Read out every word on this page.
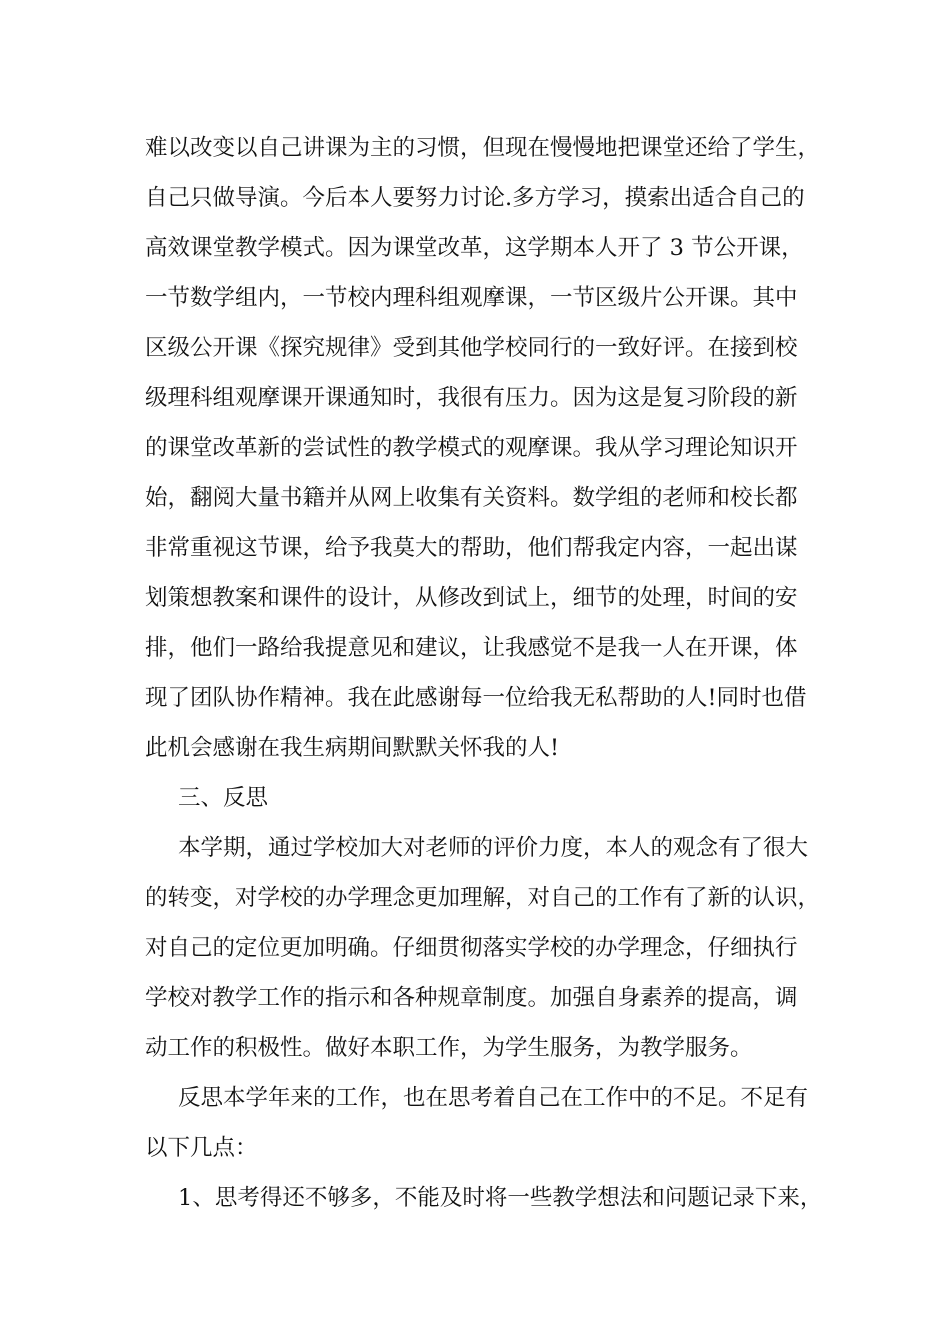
难以改变以自己讲课为主的习惯，但现在慢慢地把课堂还给了学生，
自己只做导演。今后本人要努力讨论.多方学习，摸索出适合自己的
高效课堂教学模式。因为课堂改革，这学期本人开了 3 节公开课，
一节数学组内，一节校内理科组观摩课，一节区级片公开课。其中
区级公开课《探究规律》受到其他学校同行的一致好评。在接到校
级理科组观摩课开课通知时，我很有压力。因为这是复习阶段的新
的课堂改革新的尝试性的教学模式的观摩课。我从学习理论知识开
始，翻阅大量书籍并从网上收集有关资料。数学组的老师和校长都
非常重视这节课，给予我莫大的帮助，他们帮我定内容，一起出谋
划策想教案和课件的设计，从修改到试上，细节的处理，时间的安
排，他们一路给我提意见和建议，让我感觉不是我一人在开课，体
现了团队协作精神。我在此感谢每一位给我无私帮助的人!同时也借
此机会感谢在我生病期间默默关怀我的人!
三、反思
本学期，通过学校加大对老师的评价力度，本人的观念有了很大
的转变，对学校的办学理念更加理解，对自己的工作有了新的认识，
对自己的定位更加明确。仔细贯彻落实学校的办学理念，仔细执行
学校对教学工作的指示和各种规章制度。加强自身素养的提高，调
动工作的积极性。做好本职工作，为学生服务，为教学服务。
反思本学年来的工作，也在思考着自己在工作中的不足。不足有
以下几点：
1、思考得还不够多，不能及时将一些教学想法和问题记录下来，
